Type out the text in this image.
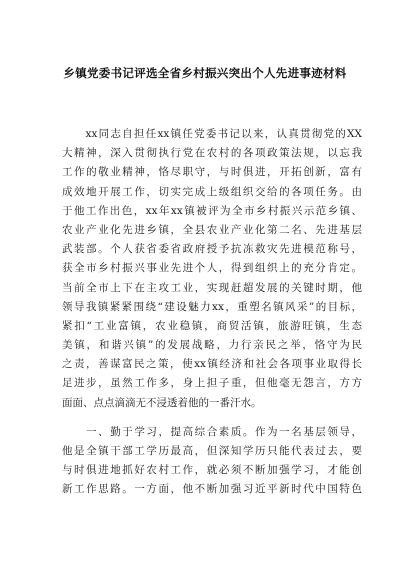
乡镇党委书记评选全省乡村振兴突出个人先进事迹材料
　　xx同志自担任xx镇任党委书记以来，认真贯彻党的XX
大精神，深入贯彻执行党在农村的各项政策法规，以忘我
工作的敬业精神，恪尽职守，与时俱进，开拓创新，富有
成效地开展工作，切实完成上级组织交给的各项任务。由
于他工作出色，xx年xx镇被评为全市乡村振兴示范乡镇、
农业产业化先进乡镇，全县农业产业化第二名、先进基层
武装部。个人获省委省政府授予抗冻救灾先进模范称号，
获全市乡村振兴事业先进个人，得到组织上的充分肯定。
当前全市上下在主攻工业，实现赶超发展的关键时期，他
领导我镇紧紧围绕“建设魅力xx，重塑名镇风采”的目标，
紧扣“工业富镇，农业稳镇，商贸活镇，旅游旺镇，生态
美镇，和谐兴镇”的发展战略，力行亲民之举，恪守为民
之责，善谋富民之策，使xx镇经济和社会各项事业取得长
足进步，虽然工作多，身上担子重，但他毫无怨言，方方
面面、点点滴滴无不浸透着他的一番汗水。
　　一、勤于学习，提高综合素质。作为一名基层领导，
他是全镇干部工学历最高，但深知学历只能代表过去，要
与时俱进地抓好农村工作，就必须不断加强学习，才能创
新工作思路。一方面，他不断加强习近平新时代中国特色
